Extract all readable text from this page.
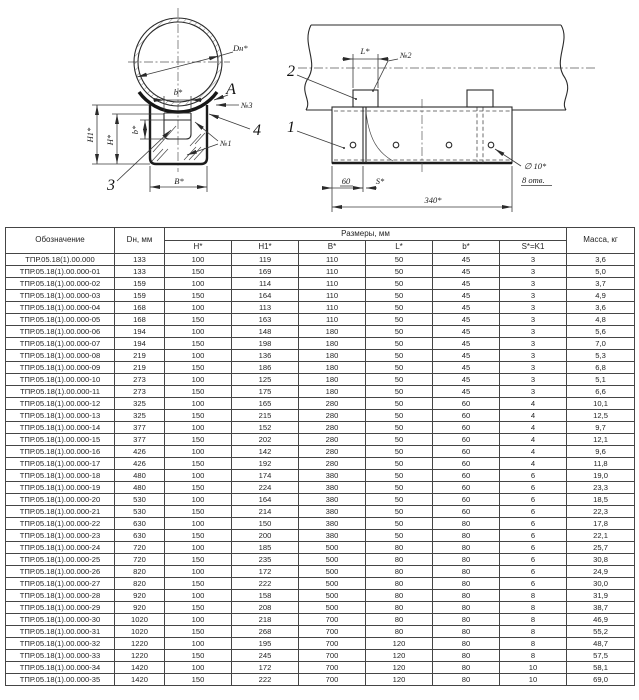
Dн*
b*
b*
H*
H1*
B*
A
№3
4
№1
3
L*	№2
2
1
∅ 10*
8 отв.
60	S*
340*
Обозначение	Dн, мм	Размеры, мм						Масса, кг
		H*	H1*	B*	L*	b*	S*=K1	
ТПР.05.18(1).00.000	133	100	119	110	50	45	3	3,6
ТПР.05.18(1).00.000-01	133	150	169	110	50	45	3	5,0
ТПР.05.18(1).00.000-02	159	100	114	110	50	45	3	3,7
ТПР.05.18(1).00.000-03	159	150	164	110	50	45	3	4,9
ТПР.05.18(1).00.000-04	168	100	113	110	50	45	3	3,6
ТПР.05.18(1).00.000-05	168	150	163	110	50	45	3	4,8
ТПР.05.18(1).00.000-06	194	100	148	180	50	45	3	5,6
ТПР.05.18(1).00.000-07	194	150	198	180	50	45	3	7,0
ТПР.05.18(1).00.000-08	219	100	136	180	50	45	3	5,3
ТПР.05.18(1).00.000-09	219	150	186	180	50	45	3	6,8
ТПР.05.18(1).00.000-10	273	100	125	180	50	45	3	5,1
ТПР.05.18(1).00.000-11	273	150	175	180	50	45	3	6,6
ТПР.05.18(1).00.000-12	325	100	165	280	50	60	4	10,1
ТПР.05.18(1).00.000-13	325	150	215	280	50	60	4	12,5
ТПР.05.18(1).00.000-14	377	100	152	280	50	60	4	9,7
ТПР.05.18(1).00.000-15	377	150	202	280	50	60	4	12,1
ТПР.05.18(1).00.000-16	426	100	142	280	50	60	4	9,6
ТПР.05.18(1).00.000-17	426	150	192	280	50	60	4	11,8
ТПР.05.18(1).00.000-18	480	100	174	380	50	60	6	19,0
ТПР.05.18(1).00.000-19	480	150	224	380	50	60	6	23,3
ТПР.05.18(1).00.000-20	530	100	164	380	50	60	6	18,5
ТПР.05.18(1).00.000-21	530	150	214	380	50	60	6	22,3
ТПР.05.18(1).00.000-22	630	100	150	380	50	80	6	17,8
ТПР.05.18(1).00.000-23	630	150	200	380	50	80	6	22,1
ТПР.05.18(1).00.000-24	720	100	185	500	80	80	6	25,7
ТПР.05.18(1).00.000-25	720	150	235	500	80	80	6	30,8
ТПР.05.18(1).00.000-26	820	100	172	500	80	80	6	24,9
ТПР.05.18(1).00.000-27	820	150	222	500	80	80	6	30,0
ТПР.05.18(1).00.000-28	920	100	158	500	80	80	8	31,9
ТПР.05.18(1).00.000-29	920	150	208	500	80	80	8	38,7
ТПР.05.18(1).00.000-30	1020	100	218	700	80	80	8	46,9
ТПР.05.18(1).00.000-31	1020	150	268	700	80	80	8	55,2
ТПР.05.18(1).00.000-32	1220	100	195	700	120	80	8	48,7
ТПР.05.18(1).00.000-33	1220	150	245	700	120	80	8	57,5
ТПР.05.18(1).00.000-34	1420	100	172	700	120	80	10	58,1
ТПР.05.18(1).00.000-35	1420	150	222	700	120	80	10	69,0
